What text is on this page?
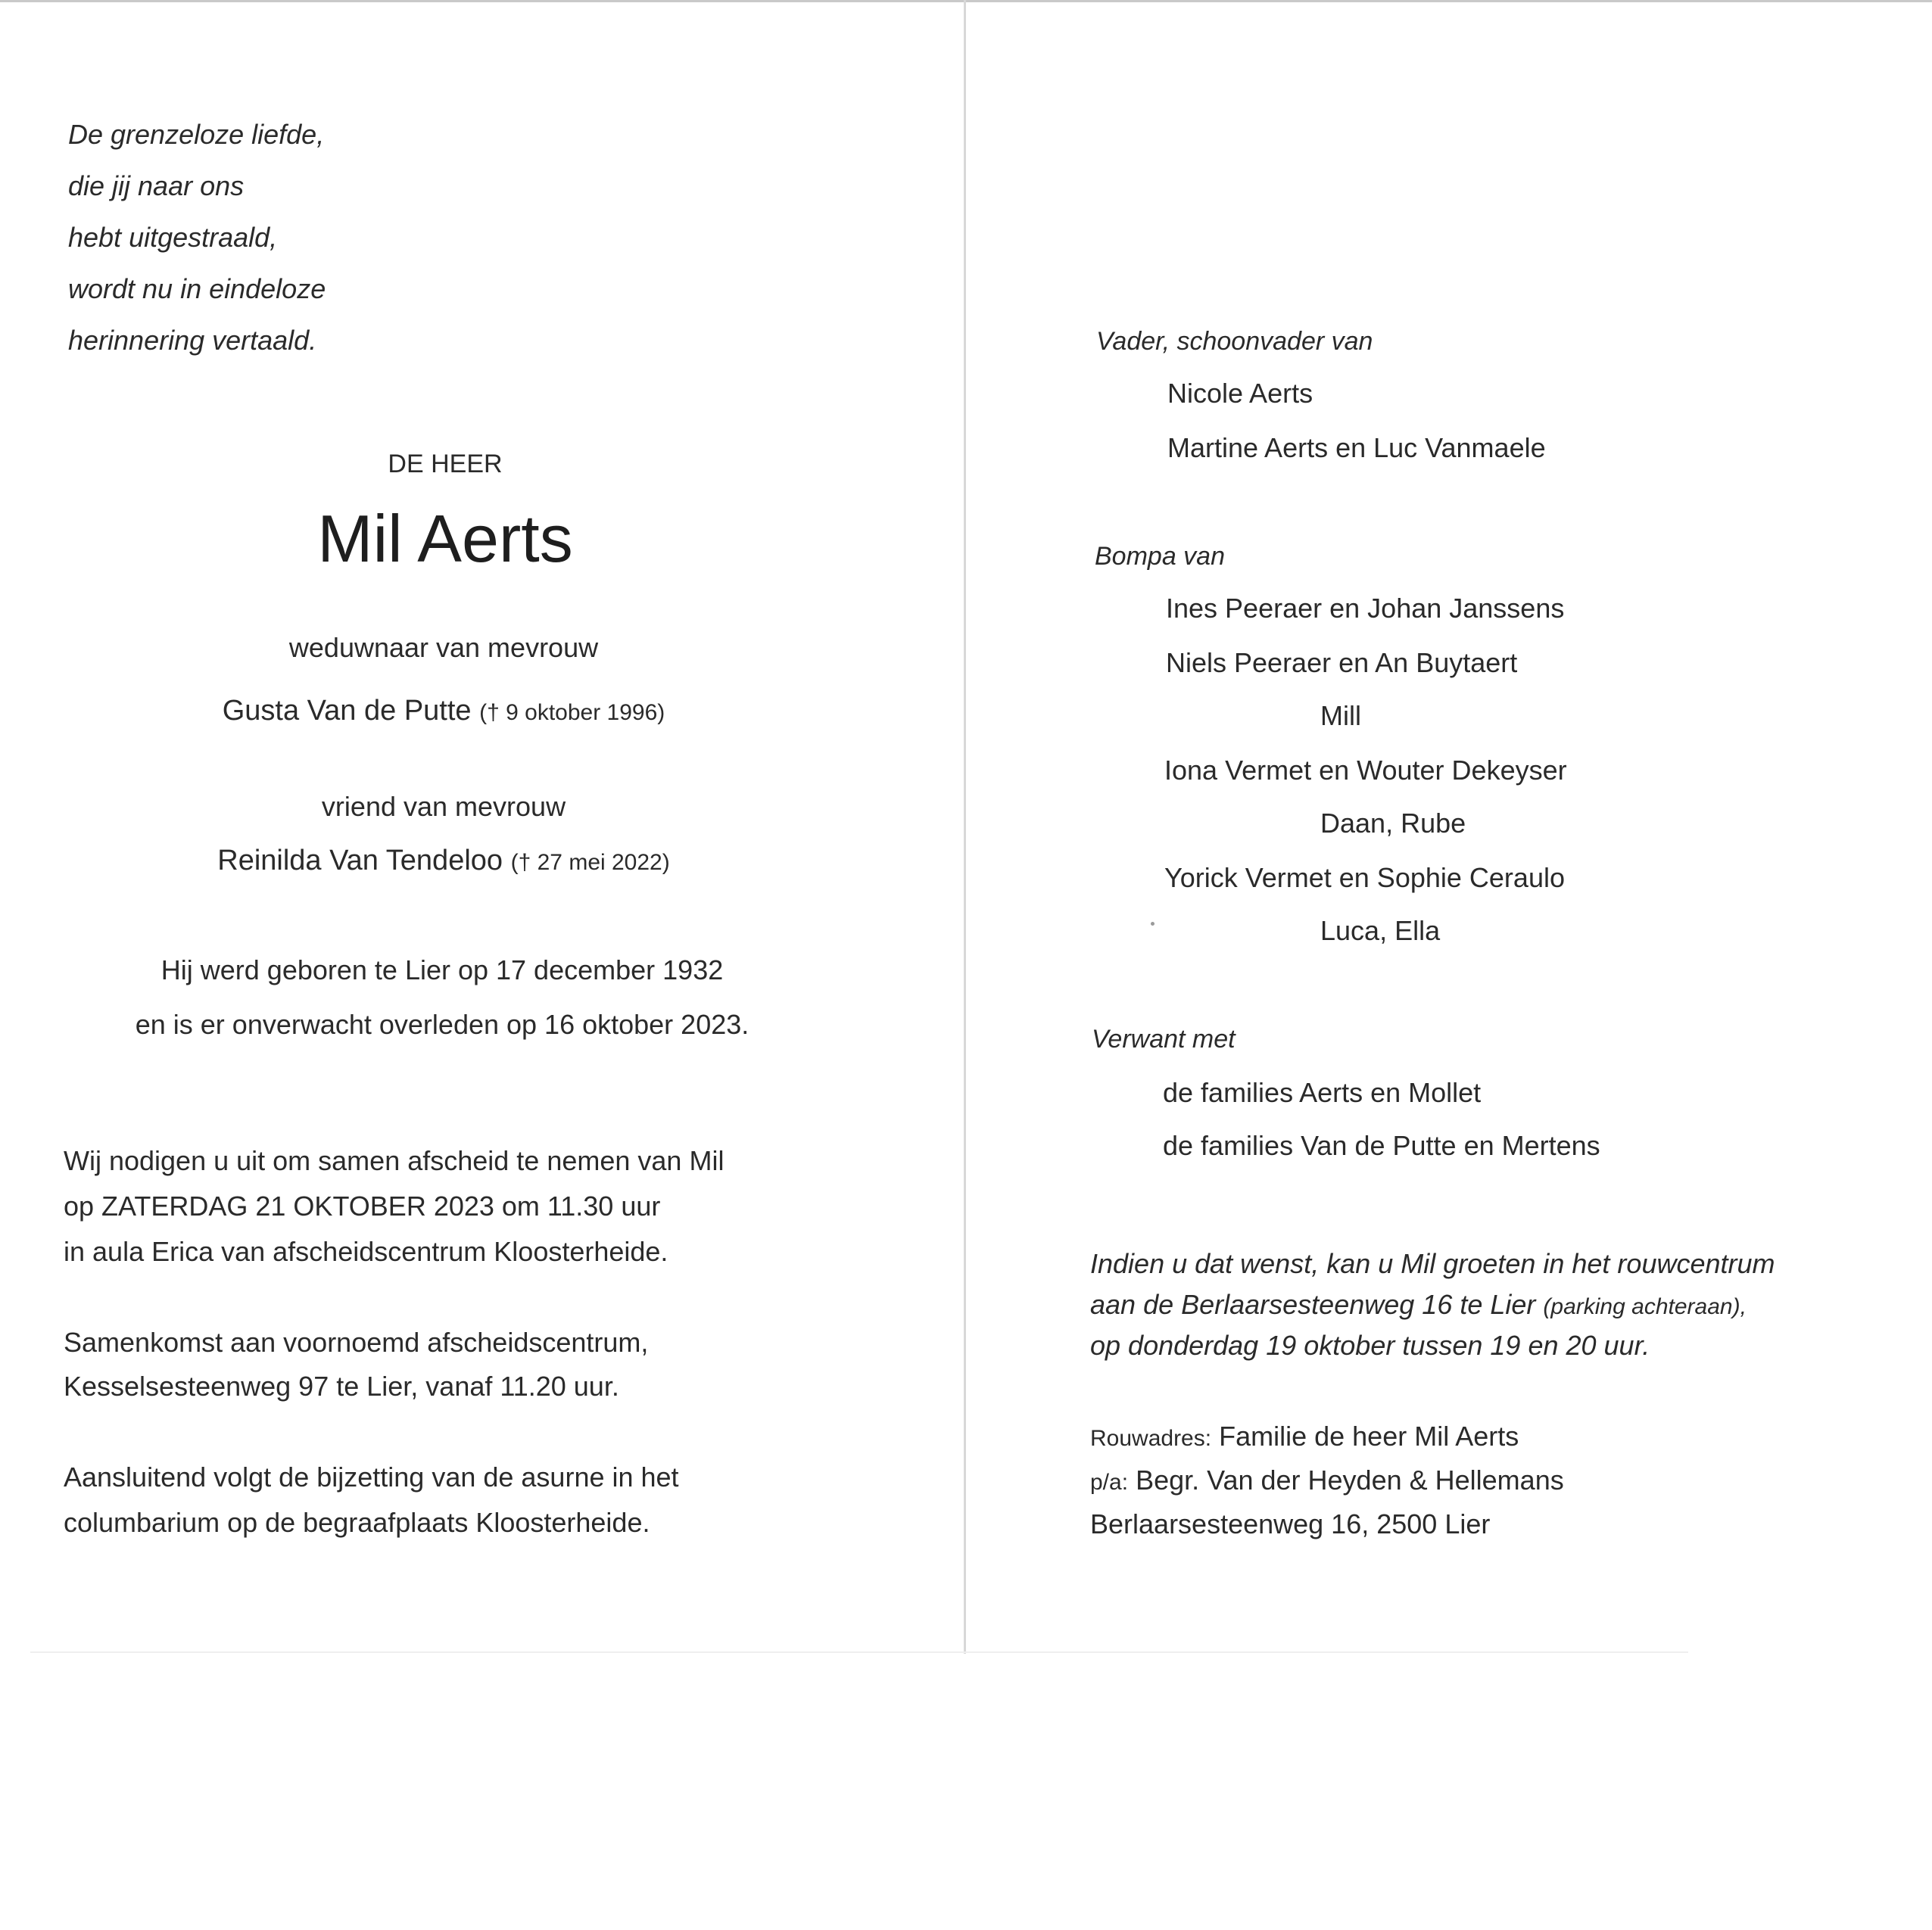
De grenzeloze liefde,
die jij naar ons
hebt uitgestraald,
wordt nu in eindeloze
herinnering vertaald.
DE HEER
Mil Aerts
weduwnaar van mevrouw
Gusta Van de Putte († 9 oktober 1996)
vriend van mevrouw
Reinilda Van Tendeloo († 27 mei 2022)
Hij werd geboren te Lier op 17 december 1932
en is er onverwacht overleden op 16 oktober 2023.
Wij nodigen u uit om samen afscheid te nemen van Mil
op ZATERDAG 21 OKTOBER 2023 om 11.30 uur
in aula Erica van afscheidscentrum Kloosterheide.
Samenkomst aan voornoemd afscheidscentrum,
Kesselsesteenweg 97 te Lier, vanaf 11.20 uur.
Aansluitend volgt de bijzetting van de asurne in het
columbarium op de begraafplaats Kloosterheide.
Vader, schoonvader van
Nicole Aerts
Martine Aerts en Luc Vanmaele
Bompa van
Ines Peeraer en Johan Janssens
Niels Peeraer en An Buytaert
Mill
Iona Vermet en Wouter Dekeyser
Daan, Rube
Yorick Vermet en Sophie Ceraulo
Luca, Ella
Verwant met
de families Aerts en Mollet
de families Van de Putte en Mertens
Indien u dat wenst, kan u Mil groeten in het rouwcentrum
aan de Berlaarsesteenweg 16 te Lier (parking achteraan),
op donderdag 19 oktober tussen 19 en 20 uur.
Rouwadres: Familie de heer Mil Aerts
p/a: Begr. Van der Heyden & Hellemans
Berlaarsesteenweg 16, 2500 Lier
